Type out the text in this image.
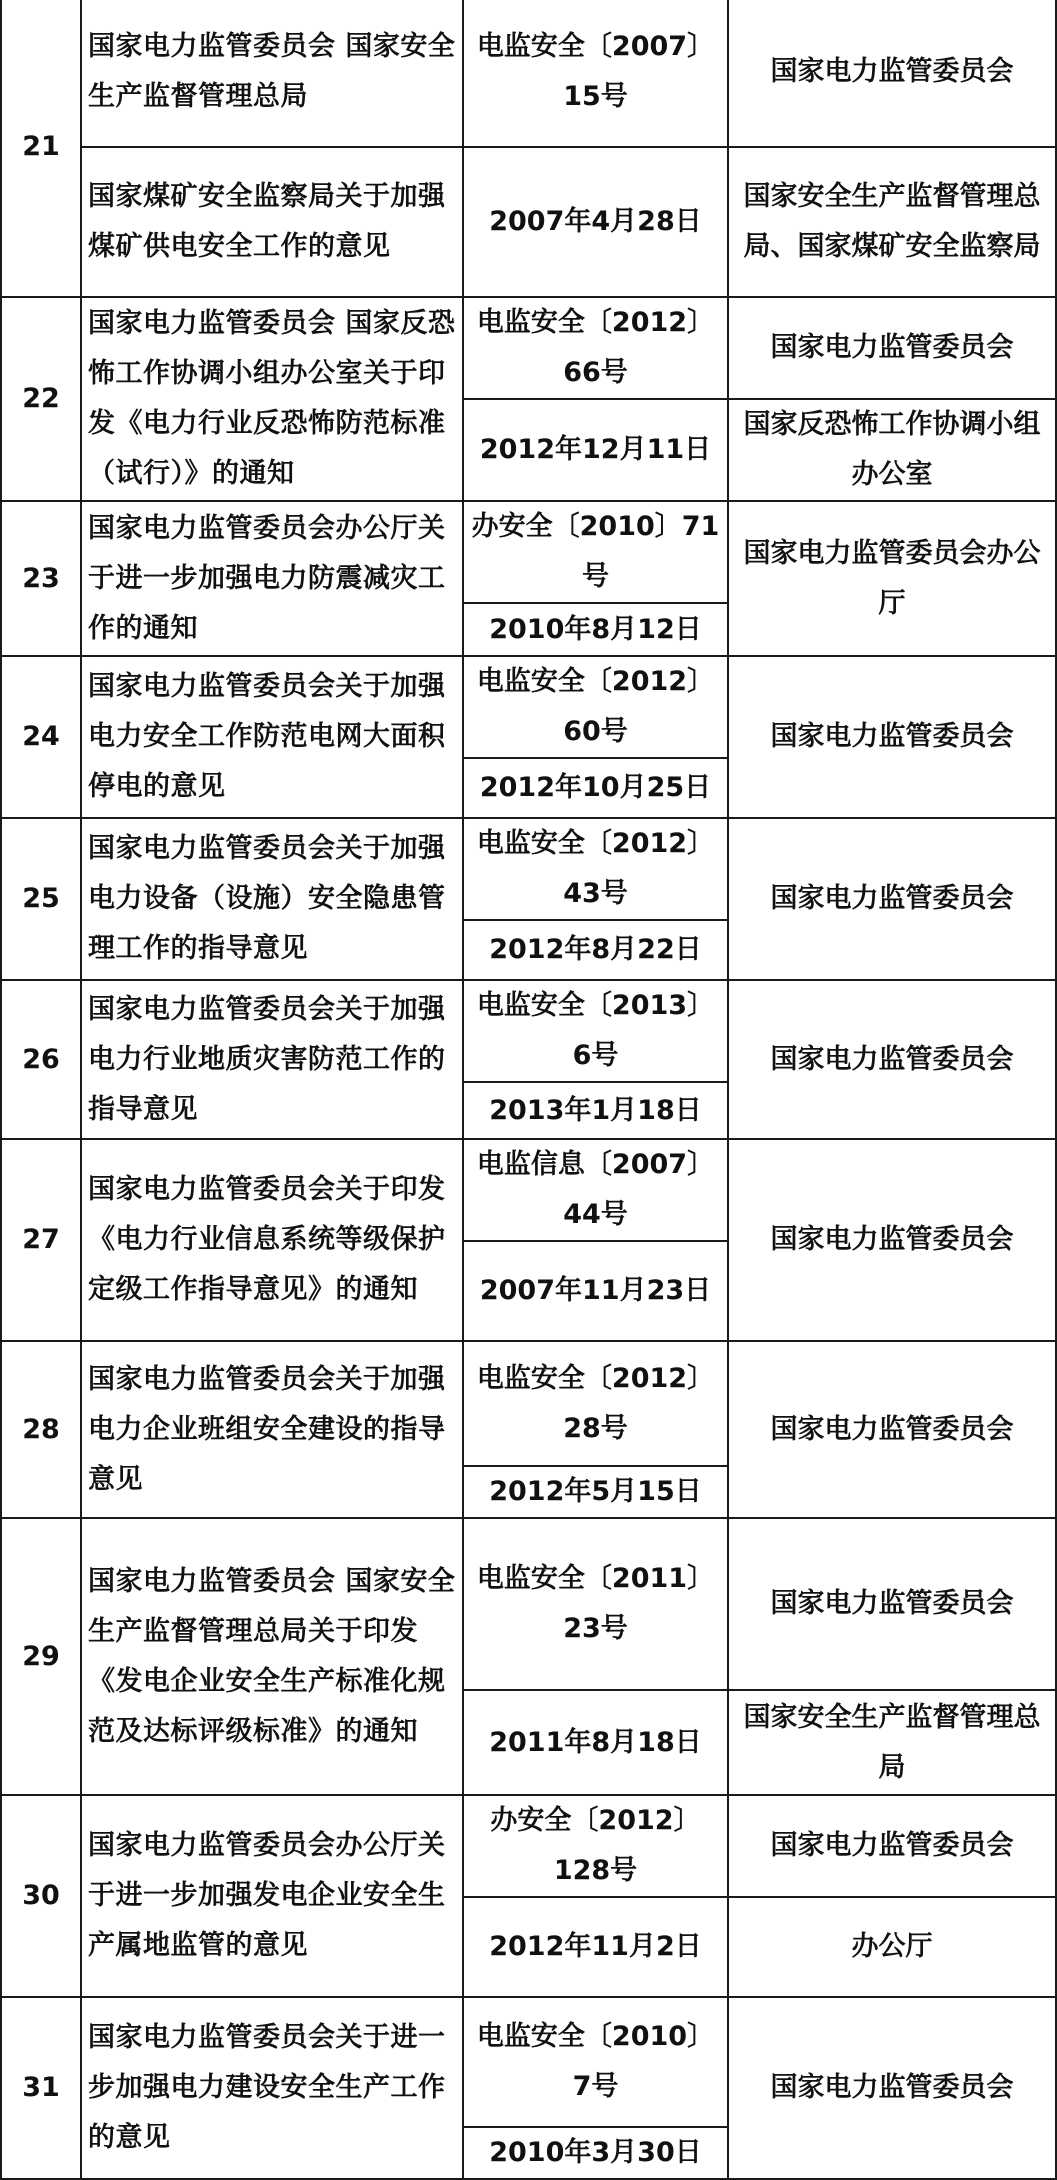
21	国家电力监管委员会 国家安全生产监督管理总局	电监安全〔2007〕15号	国家电力监管委员会
	国家煤矿安全监察局关于加强煤矿供电安全工作的意见	2007年4月28日	国家安全生产监督管理总局、国家煤矿安全监察局
22	国家电力监管委员会 国家反恐怖工作协调小组办公室关于印发《电力行业反恐怖防范标准（试行）》的通知	电监安全〔2012〕66号	国家电力监管委员会
		2012年12月11日	国家反恐怖工作协调小组办公室
23	国家电力监管委员会办公厅关于进一步加强电力防震减灾工作的通知	办安全〔2010〕71号	国家电力监管委员会办公厅
		2010年8月12日	
24	国家电力监管委员会关于加强电力安全工作防范电网大面积停电的意见	电监安全〔2012〕60号	国家电力监管委员会
		2012年10月25日	
25	国家电力监管委员会关于加强电力设备（设施）安全隐患管理工作的指导意见	电监安全〔2012〕43号	国家电力监管委员会
		2012年8月22日	
26	国家电力监管委员会关于加强电力行业地质灾害防范工作的指导意见	电监安全〔2013〕6号	国家电力监管委员会
		2013年1月18日	
27	国家电力监管委员会关于印发《电力行业信息系统等级保护定级工作指导意见》的通知	电监信息〔2007〕44号	国家电力监管委员会
		2007年11月23日	
28	国家电力监管委员会关于加强电力企业班组安全建设的指导意见	电监安全〔2012〕28号	国家电力监管委员会
		2012年5月15日	
29	国家电力监管委员会 国家安全生产监督管理总局关于印发《发电企业安全生产标准化规范及达标评级标准》的通知	电监安全〔2011〕23号	国家电力监管委员会
		2011年8月18日	国家安全生产监督管理总局
30	国家电力监管委员会办公厅关于进一步加强发电企业安全生产属地监管的意见	办安全〔2012〕128号	国家电力监管委员会
		2012年11月2日	办公厅
31	国家电力监管委员会关于进一步加强电力建设安全生产工作的意见	电监安全〔2010〕7号	国家电力监管委员会
		2010年3月30日	
